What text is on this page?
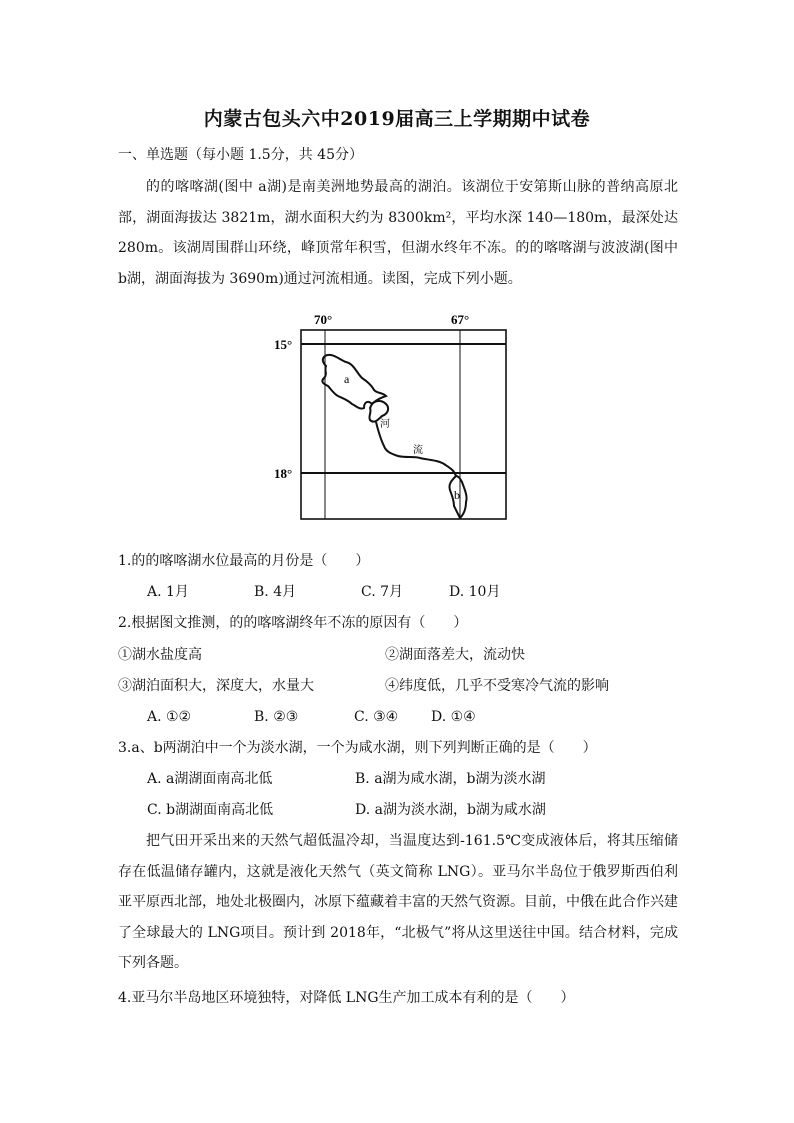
内蒙古包头六中2019届高三上学期期中试卷
一、单选题（每小题 1.5分，共 45分）
的的喀喀湖(图中 a湖)是南美洲地势最高的湖泊。该湖位于安第斯山脉的普纳高原北部，湖面海拔达 3821m，湖水面积大约为 8300km²，平均水深 140—180m，最深处达 280m。该湖周围群山环绕，峰顶常年积雪，但湖水终年不冻。的的喀喀湖与波波湖(图中 b湖，湖面海拔为 3690m)通过河流相通。读图，完成下列小题。
70°	67°
15°
18°
a
b
河
流
1.的的喀喀湖水位最高的月份是（　　）
A. 1月	B. 4月	C. 7月	D. 10月
2.根据图文推测，的的喀喀湖终年不冻的原因有（　　）
①湖水盐度高	②湖面落差大，流动快
③湖泊面积大，深度大，水量大	④纬度低，几乎不受寒冷气流的影响
A. ①②	B. ②③	C. ③④ D. ①④
3.a、b两湖泊中一个为淡水湖，一个为咸水湖，则下列判断正确的是（　　）
A. a湖湖面南高北低	B. a湖为咸水湖，b湖为淡水湖
C. b湖湖面南高北低	D. a湖为淡水湖，b湖为咸水湖
把气田开采出来的天然气超低温冷却，当温度达到-161.5℃变成液体后，将其压缩储存在低温储存罐内，这就是液化天然气（英文简称 LNG）。亚马尔半岛位于俄罗斯西伯利亚平原西北部，地处北极圈内，冰原下蕴藏着丰富的天然气资源。目前，中俄在此合作兴建了全球最大的 LNG项目。预计到 2018年，“北极气”将从这里送往中国。结合材料，完成下列各题。
4.亚马尔半岛地区环境独特，对降低 LNG生产加工成本有利的是（　　）
